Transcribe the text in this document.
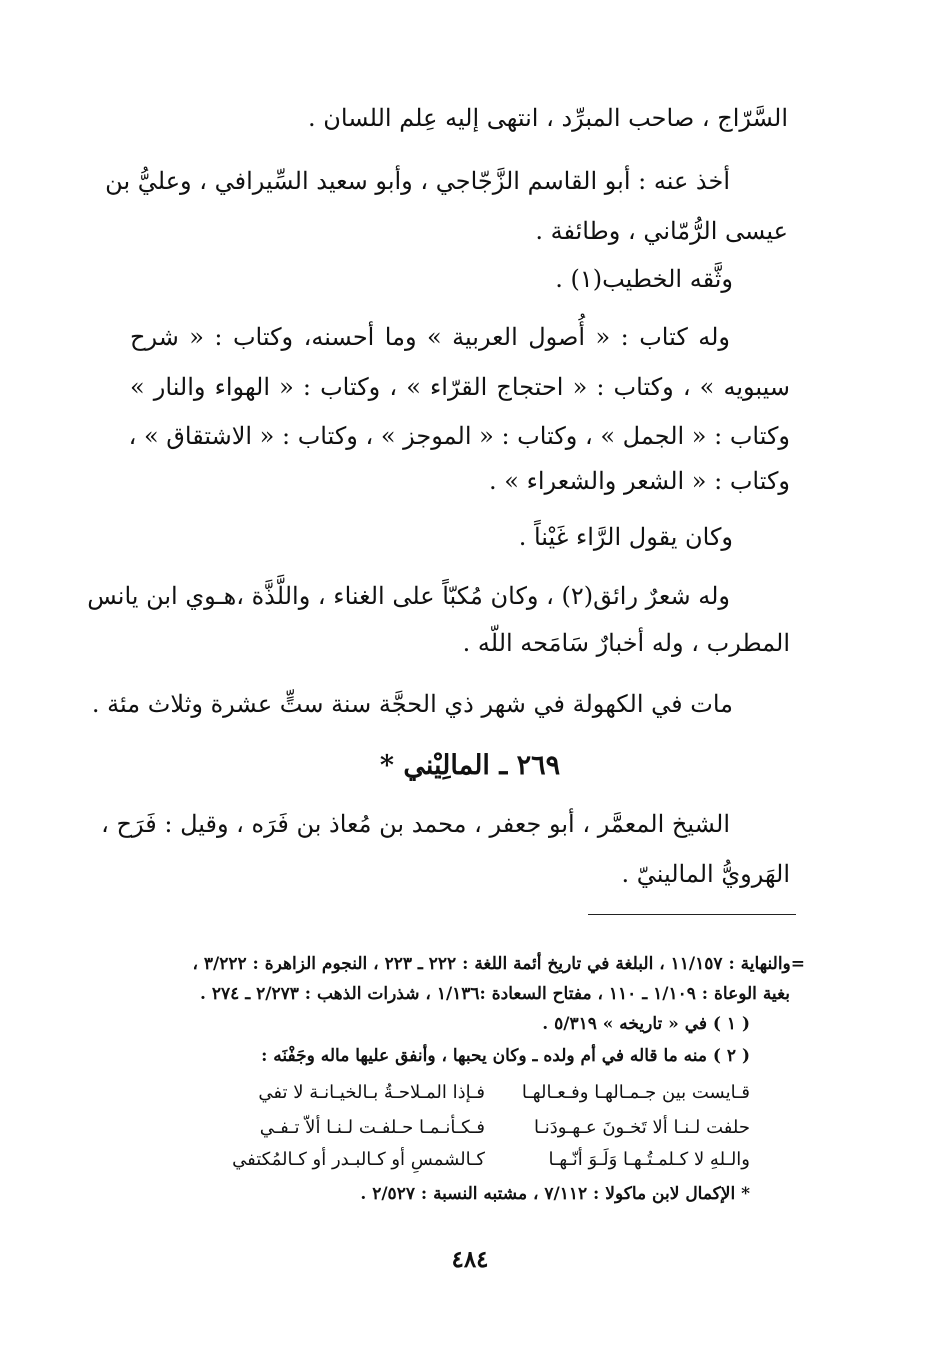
السَّرّاج ، صاحب المبرِّد ، انتهى إليه عِلم اللسان .
أخذ عنه : أبو القاسم الزَّجّاجي ، وأبو سعيد السِّيرافي ، وعليُّ بن
عيسى الرُّمّاني ، وطائفة .
وثَّقه الخطيب(١) .
وله كتاب : « أُصول العربية » وما أحسنه، وكتاب : « شرح
سيبويه » ، وكتاب : « احتجاج القرّاء » ، وكتاب : « الهواء والنار »
وكتاب : « الجمل » ، وكتاب : « الموجز » ، وكتاب : « الاشتقاق » ،
وكتاب : « الشعر والشعراء » .
وكان يقول الرَّاء غَيْناً .
وله شعرٌ رائق(٢) ، وكان مُكبّاً على الغناء ، واللَّذَّة ،هـوي ابن يانس
المطرب ، وله أخبارٌ سَامَحه اللّه .
مات في الكهولة في شهر ذي الحجَّة سنة ستٍّ عشرة وثلاث مئة .
٢٦٩ ـ المالِيْني *
الشيخ المعمَّر ، أبو جعفر ، محمد بن مُعاذ بن فَرَه ، وقيل : فَرَح ،
الهَرويُّ المالينيّ .
=والنهاية : ١١/١٥٧ ، البلغة في تاريخ أئمة اللغة : ٢٢٢ ـ ٢٢٣ ، النجوم الزاهرة : ٣/٢٢٢ ،
بغية الوعاة : ١/١٠٩ ـ ١١٠ ، مفتاح السعادة :١/١٣٦ ، شذرات الذهب : ٢/٢٧٣ ـ ٢٧٤ .
( ١ ) في « تاريخه » ٥/٣١٩ .
( ٢ ) منه ما قاله في أم ولده ـ وكان يحبها ، وأنفق عليها ماله وجَفْنَه :
قـايست بين جـمـالهـا وفـعـالهـا
فـإذا المـلاحـةُ بـالخيـانـة لا تفي
حلفت لـنـا ألا تَخـونَ عـهـودَنـا
فـكـأنـمـا حـلفـت لـنـا ألاّ تـفـي
والـلهِ لا كـلمـتُـهـا وَلَـوَ أنّـهـا
كـالشمسِ أو كـالبـدر أو كـالمُكتفي
* الإكمال لابن ماكولا : ٧/١١٢ ، مشتبه النسبة : ٢/٥٢٧ .
٤٨٤
